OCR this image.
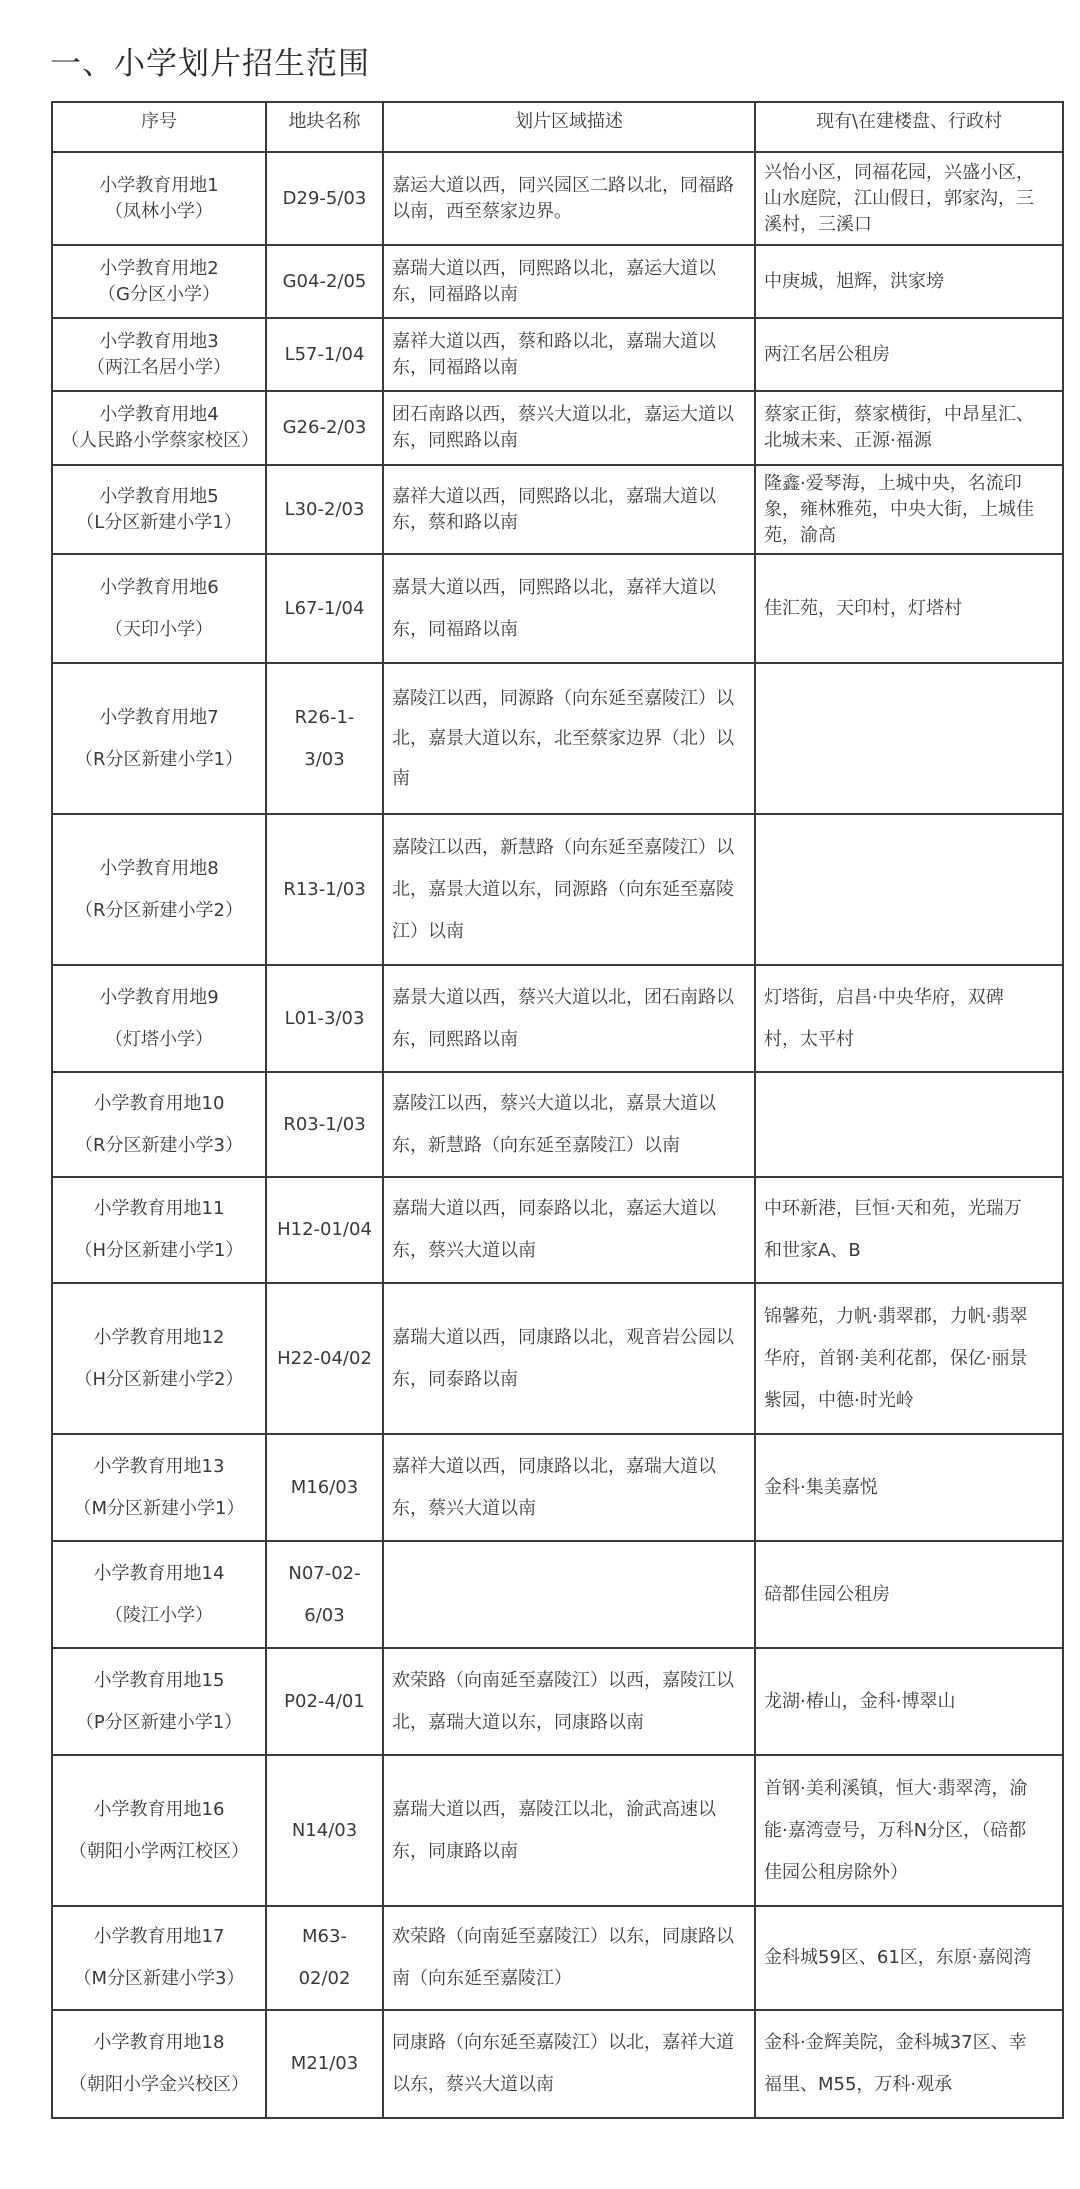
一、小学划片招生范围
序号	地块名称	划片区域描述	现有\在建楼盘、行政村
小学教育用地1
（凤林小学）	D29-5/03	嘉运大道以西，同兴园区二路以北，同福路
以南，西至蔡家边界。	兴怡小区，同福花园，兴盛小区，
山水庭院，江山假日，郭家沟，三
溪村，三溪口
小学教育用地2
（G分区小学）	G04-2/05	嘉瑞大道以西，同熙路以北，嘉运大道以
东，同福路以南	中庚城，旭辉，洪家塝
小学教育用地3
（两江名居小学）	L57-1/04	嘉祥大道以西，蔡和路以北，嘉瑞大道以
东，同福路以南	两江名居公租房
小学教育用地4
（人民路小学蔡家校区）	G26-2/03	团石南路以西，蔡兴大道以北，嘉运大道以
东，同熙路以南	蔡家正街，蔡家横街，中昂星汇、
北城未来、正源·福源
小学教育用地5
（L分区新建小学1）	L30-2/03	嘉祥大道以西，同熙路以北，嘉瑞大道以
东，蔡和路以南	隆鑫·爱琴海，上城中央，名流印
象，雍林雅苑，中央大街，上城佳
苑，渝高
小学教育用地6
（天印小学）	L67-1/04	嘉景大道以西，同熙路以北，嘉祥大道以
东，同福路以南	佳汇苑，天印村，灯塔村
小学教育用地7
（R分区新建小学1）	R26-1-
3/03	嘉陵江以西，同源路（向东延至嘉陵江）以
北，嘉景大道以东，北至蔡家边界（北）以
南	
小学教育用地8
（R分区新建小学2）	R13-1/03	嘉陵江以西，新慧路（向东延至嘉陵江）以
北，嘉景大道以东，同源路（向东延至嘉陵
江）以南	
小学教育用地9
（灯塔小学）	L01-3/03	嘉景大道以西，蔡兴大道以北，团石南路以
东，同熙路以南	灯塔街，启昌·中央华府，双碑
村，太平村
小学教育用地10
（R分区新建小学3）	R03-1/03	嘉陵江以西，蔡兴大道以北，嘉景大道以
东，新慧路（向东延至嘉陵江）以南	
小学教育用地11
（H分区新建小学1）	H12-01/04	嘉瑞大道以西，同泰路以北，嘉运大道以
东，蔡兴大道以南	中环新港，巨恒·天和苑，光瑞万
和世家A、B
小学教育用地12
（H分区新建小学2）	H22-04/02	嘉瑞大道以西，同康路以北，观音岩公园以
东，同泰路以南	锦馨苑，力帆·翡翠郡，力帆·翡翠
华府，首钢·美利花都，保亿·丽景
紫园，中德·时光岭
小学教育用地13
（M分区新建小学1）	M16/03	嘉祥大道以西，同康路以北，嘉瑞大道以
东，蔡兴大道以南	金科·集美嘉悦
小学教育用地14
（陵江小学）	N07-02-
6/03		碚都佳园公租房
小学教育用地15
（P分区新建小学1）	P02-4/01	欢荣路（向南延至嘉陵江）以西，嘉陵江以
北，嘉瑞大道以东，同康路以南	龙湖·椿山，金科·博翠山
小学教育用地16
（朝阳小学两江校区）	N14/03	嘉瑞大道以西，嘉陵江以北，渝武高速以
东，同康路以南	首钢·美利溪镇，恒大·翡翠湾，渝
能·嘉湾壹号，万科N分区，（碚都
佳园公租房除外）
小学教育用地17
（M分区新建小学3）	M63-
02/02	欢荣路（向南延至嘉陵江）以东，同康路以
南（向东延至嘉陵江）	金科城59区、61区，东原·嘉阅湾
小学教育用地18
（朝阳小学金兴校区）	M21/03	同康路（向东延至嘉陵江）以北，嘉祥大道
以东，蔡兴大道以南	金科·金辉美院，金科城37区、幸
福里、M55，万科·观承
